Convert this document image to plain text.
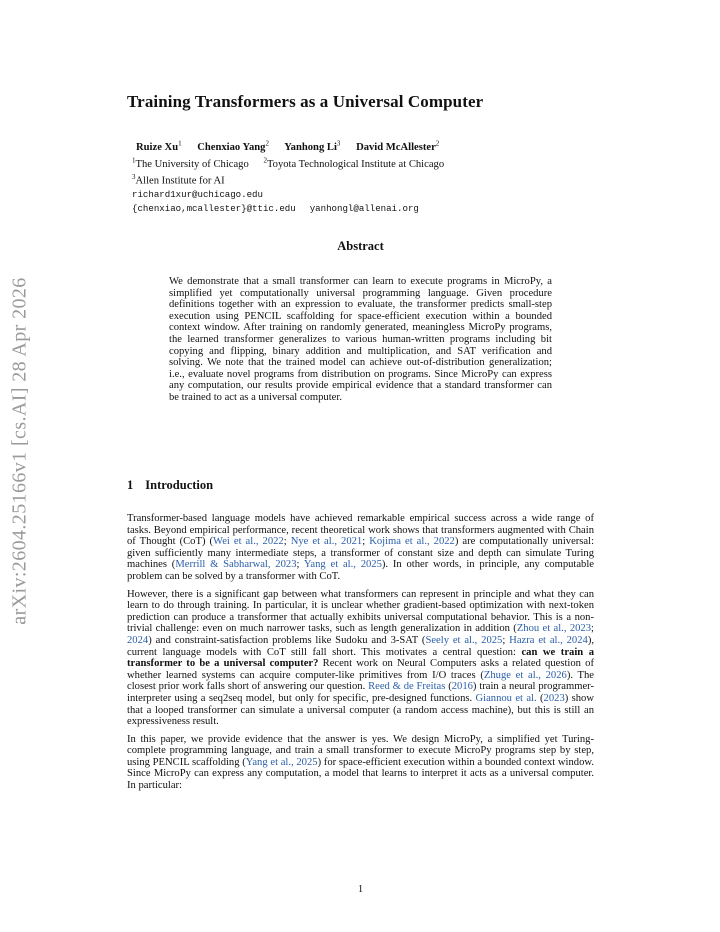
arXiv:2604.25166v1 [cs.AI] 28 Apr 2026
Training Transformers as a Universal Computer
Ruize Xu$^1$ Chenxiao Yang$^2$ Yanhong Li$^3$ David McAllester$^2$
$^1$The University of Chicago $^2$Toyota Technological Institute at Chicago
$^3$Allen Institute for AI
richard1xur@uchicago.edu
{chenxiao,mcallester}@ttic.edu yanhongl@allenai.org
Abstract

We demonstrate that a small transformer can learn to execute programs in MicroPy, a simplified yet computationally universal programming language. Given procedure definitions together with an expression to evaluate, the transformer predicts small-step execution using PENCIL scaffolding for space-efficient execution within a bounded context window. After training on randomly generated, meaningless MicroPy programs, the learned transformer generalizes to various human-written programs including bit copying and flipping, binary addition and multiplication, and SAT verification and solving. We note that the trained model can achieve out-of-distribution generalization; i.e., evaluate novel programs from distribution on programs. Since MicroPy can express any computation, our results provide empirical evidence that a standard transformer can be trained to act as a universal computer.

1 Introduction

Transformer-based language models have achieved remarkable empirical success across a wide range of tasks. Beyond empirical performance, recent theoretical work shows that transformers augmented with Chain of Thought (CoT) (Wei et al., 2022; Nye et al., 2021; Kojima et al., 2022) are computationally universal: given sufficiently many intermediate steps, a transformer of constant size and depth can simulate Turing machines (Merrill & Sabharwal, 2023; Yang et al., 2025). In other words, in principle, any computable problem can be solved by a transformer with CoT.

However, there is a significant gap between what transformers can represent in principle and what they can learn to do through training. In particular, it is unclear whether gradient-based optimization with next-token prediction can produce a transformer that actually exhibits universal computational behavior. This is a non-trivial challenge: even on much narrower tasks, such as length generalization in addition (Zhou et al., 2023; 2024) and constraint-satisfaction problems like Sudoku and 3-SAT (Seely et al., 2025; Hazra et al., 2024), current language models with CoT still fall short. This motivates a central question: can we train a transformer to be a universal computer? Recent work on Neural Computers asks a related question of whether learned systems can acquire computer-like primitives from I/O traces (Zhuge et al., 2026). The closest prior work falls short of answering our question. Reed & de Freitas (2016) train a neural programmer-interpreter using a seq2seq model, but only for specific, pre-designed functions. Giannou et al. (2023) show that a looped transformer can simulate a universal computer (a random access machine), but this is still an expressiveness result.

In this paper, we provide evidence that the answer is yes. We design MicroPy, a simplified yet Turing-complete programming language, and train a small transformer to execute MicroPy programs step by step, using PENCIL scaffolding (Yang et al., 2025) for space-efficient execution within a bounded context window. Since MicroPy can express any computation, a model that learns to interpret it acts as a universal computer. In particular:

1
